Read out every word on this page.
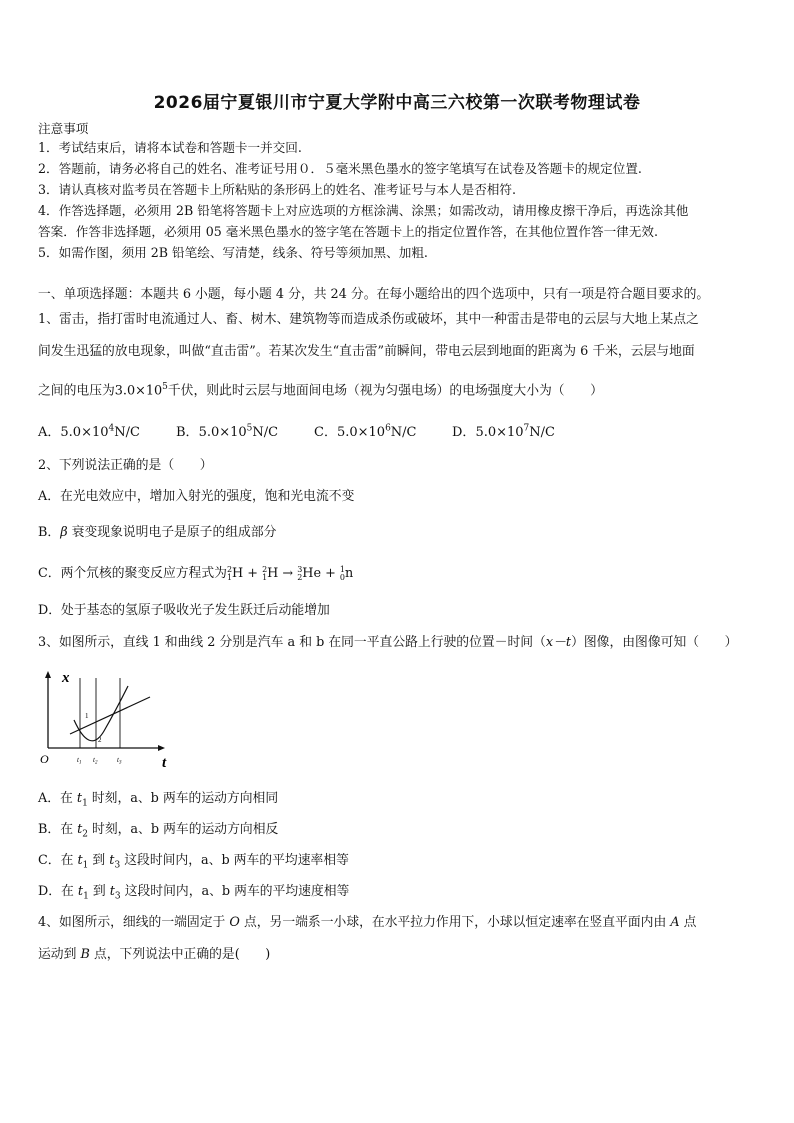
2026届宁夏银川市宁夏大学附中高三六校第一次联考物理试卷
注意事项
1．考试结束后，请将本试卷和答题卡一并交回.
2．答题前，请务必将自己的姓名、准考证号用０．５毫米黑色墨水的签字笔填写在试卷及答题卡的规定位置.
3．请认真核对监考员在答题卡上所粘贴的条形码上的姓名、准考证号与本人是否相符.
4．作答选择题，必须用 2B 铅笔将答题卡上对应选项的方框涂满、涂黑；如需改动，请用橡皮擦干净后，再选涂其他
答案．作答非选择题，必须用 05 毫米黑色墨水的签字笔在答题卡上的指定位置作答，在其他位置作答一律无效.
5．如需作图，须用 2B 铅笔绘、写清楚，线条、符号等须加黑、加粗.
一、单项选择题：本题共 6 小题，每小题 4 分，共 24 分。在每小题给出的四个选项中，只有一项是符合题目要求的。
1、雷击，指打雷时电流通过人、畜、树木、建筑物等而造成杀伤或破坏，其中一种雷击是带电的云层与大地上某点之
间发生迅猛的放电现象，叫做“直击雷”。若某次发生“直击雷”前瞬间，带电云层到地面的距离为 6 千米，云层与地面
之间的电压为$3.0\times 10^5$千伏，则此时云层与地面间电场（视为匀强电场）的电场强度大小为（　　）
A．$5.0\times 10^4N/C$	B．$5.0\times 10^5N/C$	C．$5.0\times 10^6N/C$	D．$5.0\times 10^7N/C$
2、下列说法正确的是（　　）
A．在光电效应中，增加入射光的强度，饱和光电流不变
B．β 衰变现象说明电子是原子的组成部分
C．两个氘核的聚变反应方程式为 2
1 H + 2
1 H → 3
2 He + 1
0 n
D．处于基态的氢原子吸收光子发生跃迁后动能增加
3、如图所示，直线 1 和曲线 2 分别是汽车 a 和 b 在同一平直公路上行驶的位置－时间（x－t）图像，由图像可知（　　）
x
t
O
1
2
$t_1$ $t_2$	$t_3$
A．在 $t_1$ 时刻，a、b 两车的运动方向相同
B．在 $t_2$ 时刻，a、b 两车的运动方向相反
C．在 $t_1$ 到 $t_3$ 这段时间内，a、b 两车的平均速率相等
D．在 $t_1$ 到 $t_3$ 这段时间内，a、b 两车的平均速度相等
4、如图所示，细线的一端固定于 O 点，另一端系一小球，在水平拉力作用下，小球以恒定速率在竖直平面内由 A 点
运动到 B 点，下列说法中正确的是(　　)
